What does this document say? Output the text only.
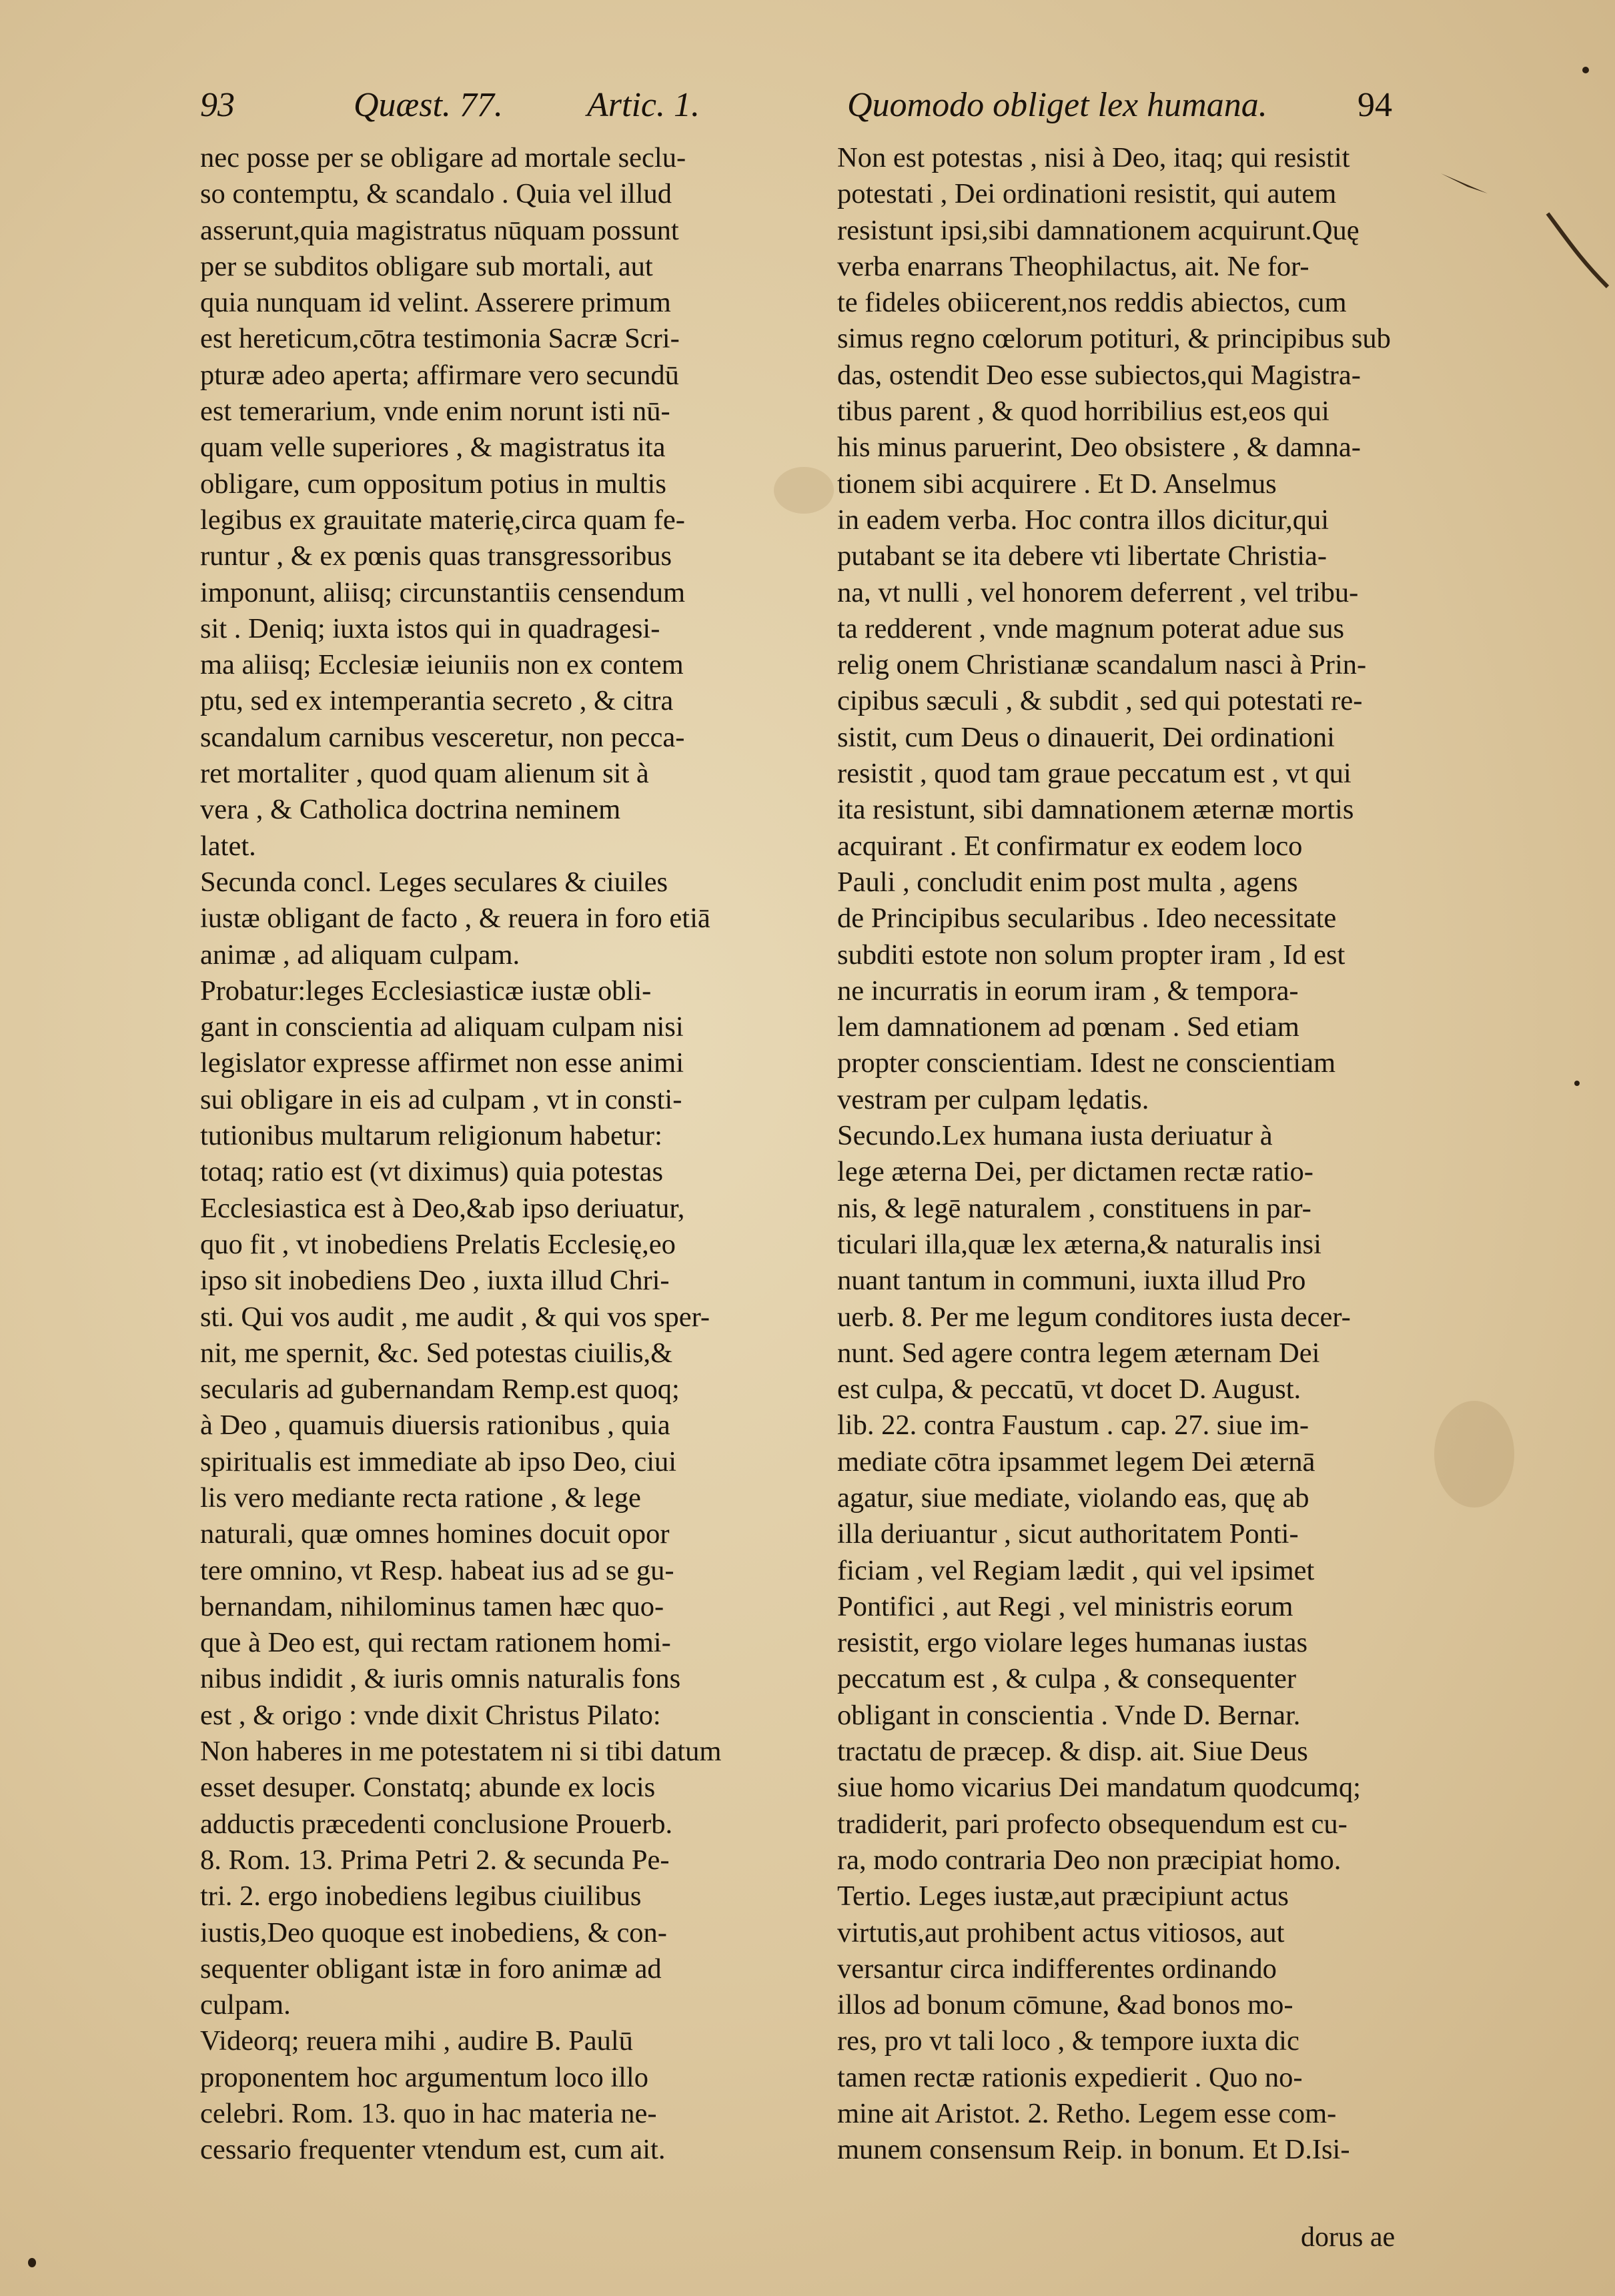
93	Quæst. 77. Artic. 1.	Quomodo obliget lex humana.	94
nec posse per se obligare ad mortale seclu-
so contemptu, & scandalo . Quia vel illud
asserunt,quia magistratus nūquam possunt
per se subditos obligare sub mortali, aut
quia nunquam id velint. Asserere primum
est hereticum,cōtra testimonia Sacræ Scri-
pturæ adeo aperta; affirmare vero secundū
est temerarium, vnde enim norunt isti nū-
quam velle superiores , & magistratus ita
obligare, cum oppositum potius in multis
legibus ex grauitate materię,circa quam fe-
runtur , & ex pœnis quas transgressoribus
imponunt, aliisq; circunstantiis censendum
sit . Deniq; iuxta istos qui in quadragesi-
ma aliisq; Ecclesiæ ieiuniis non ex contem
ptu, sed ex intemperantia secreto , & citra
scandalum carnibus vesceretur, non pecca-
ret mortaliter , quod quam alienum sit à
vera , & Catholica doctrina neminem
latet.
Secunda concl. Leges seculares & ciuiles
iustæ obligant de facto , & reuera in foro etiā
animæ , ad aliquam culpam.
Probatur:leges Ecclesiasticæ iustæ obli-
gant in conscientia ad aliquam culpam nisi
legislator expresse affirmet non esse animi
sui obligare in eis ad culpam , vt in consti-
tutionibus multarum religionum habetur:
totaq; ratio est (vt diximus) quia potestas
Ecclesiastica est à Deo,&ab ipso deriuatur,
quo fit , vt inobediens Prelatis Ecclesię,eo
ipso sit inobediens Deo , iuxta illud Chri-
sti. Qui vos audit , me audit , & qui vos sper-
nit, me spernit, &c. Sed potestas ciuilis,&
secularis ad gubernandam Remp.est quoq;
à Deo , quamuis diuersis rationibus , quia
spiritualis est immediate ab ipso Deo, ciui
lis vero mediante recta ratione , & lege
naturali, quæ omnes homines docuit opor
tere omnino, vt Resp. habeat ius ad se gu-
bernandam, nihilominus tamen hæc quo-
que à Deo est, qui rectam rationem homi-
nibus indidit , & iuris omnis naturalis fons
est , & origo : vnde dixit Christus Pilato:
Non haberes in me potestatem ni si tibi datum
esset desuper. Constatq; abunde ex locis
adductis præcedenti conclusione Prouerb.
8. Rom. 13. Prima Petri 2. & secunda Pe-
tri. 2. ergo inobediens legibus ciuilibus
iustis,Deo quoque est inobediens, & con-
sequenter obligant istæ in foro animæ ad
culpam.
Videorq; reuera mihi , audire B. Paulū
proponentem hoc argumentum loco illo
celebri. Rom. 13. quo in hac materia ne-
cessario frequenter vtendum est, cum ait.
Non est potestas , nisi à Deo, itaq; qui resistit
potestati , Dei ordinationi resistit, qui autem
resistunt ipsi,sibi damnationem acquirunt.Quę
verba enarrans Theophilactus, ait. Ne for-
te fideles obiicerent,nos reddis abiectos, cum
simus regno cœlorum potituri, & principibus sub
das, ostendit Deo esse subiectos,qui Magistra-
tibus parent , & quod horribilius est,eos qui
his minus paruerint, Deo obsistere , & damna-
tionem sibi acquirere . Et D. Anselmus
in eadem verba. Hoc contra illos dicitur,qui
putabant se ita debere vti libertate Christia-
na, vt nulli , vel honorem deferrent , vel tribu-
ta redderent , vnde magnum poterat adue sus
relig onem Christianæ scandalum nasci à Prin-
cipibus sæculi , & subdit , sed qui potestati re-
sistit, cum Deus o dinauerit, Dei ordinationi
resistit , quod tam graue peccatum est , vt qui
ita resistunt, sibi damnationem æternæ mortis
acquirant . Et confirmatur ex eodem loco
Pauli , concludit enim post multa , agens
de Principibus secularibus . Ideo necessitate
subditi estote non solum propter iram , Id est
ne incurratis in eorum iram , & tempora-
lem damnationem ad pœnam . Sed etiam
propter conscientiam. Idest ne conscientiam
vestram per culpam lędatis.
Secundo.Lex humana iusta deriuatur à
lege æterna Dei, per dictamen rectæ ratio-
nis, & legē naturalem , constituens in par-
ticulari illa,quæ lex æterna,& naturalis insi
nuant tantum in communi, iuxta illud Pro
uerb. 8. Per me legum conditores iusta decer-
nunt. Sed agere contra legem æternam Dei
est culpa, & peccatū, vt docet D. August.
lib. 22. contra Faustum . cap. 27. siue im-
mediate cōtra ipsammet legem Dei æternā
agatur, siue mediate, violando eas, quę ab
illa deriuantur , sicut authoritatem Ponti-
ficiam , vel Regiam lædit , qui vel ipsimet
Pontifici , aut Regi , vel ministris eorum
resistit, ergo violare leges humanas iustas
peccatum est , & culpa , & consequenter
obligant in conscientia . Vnde D. Bernar.
tractatu de præcep. & disp. ait. Siue Deus
siue homo vicarius Dei mandatum quodcumq;
tradiderit, pari profecto obsequendum est cu-
ra, modo contraria Deo non præcipiat homo.
Tertio. Leges iustæ,aut præcipiunt actus
virtutis,aut prohibent actus vitiosos, aut
versantur circa indifferentes ordinando
illos ad bonum cōmune, &ad bonos mo-
res, pro vt tali loco , & tempore iuxta dic
tamen rectæ rationis expedierit . Quo no-
mine ait Aristot. 2. Retho. Legem esse com-
munem consensum Reip. in bonum. Et D.Isi-
dorus ae
